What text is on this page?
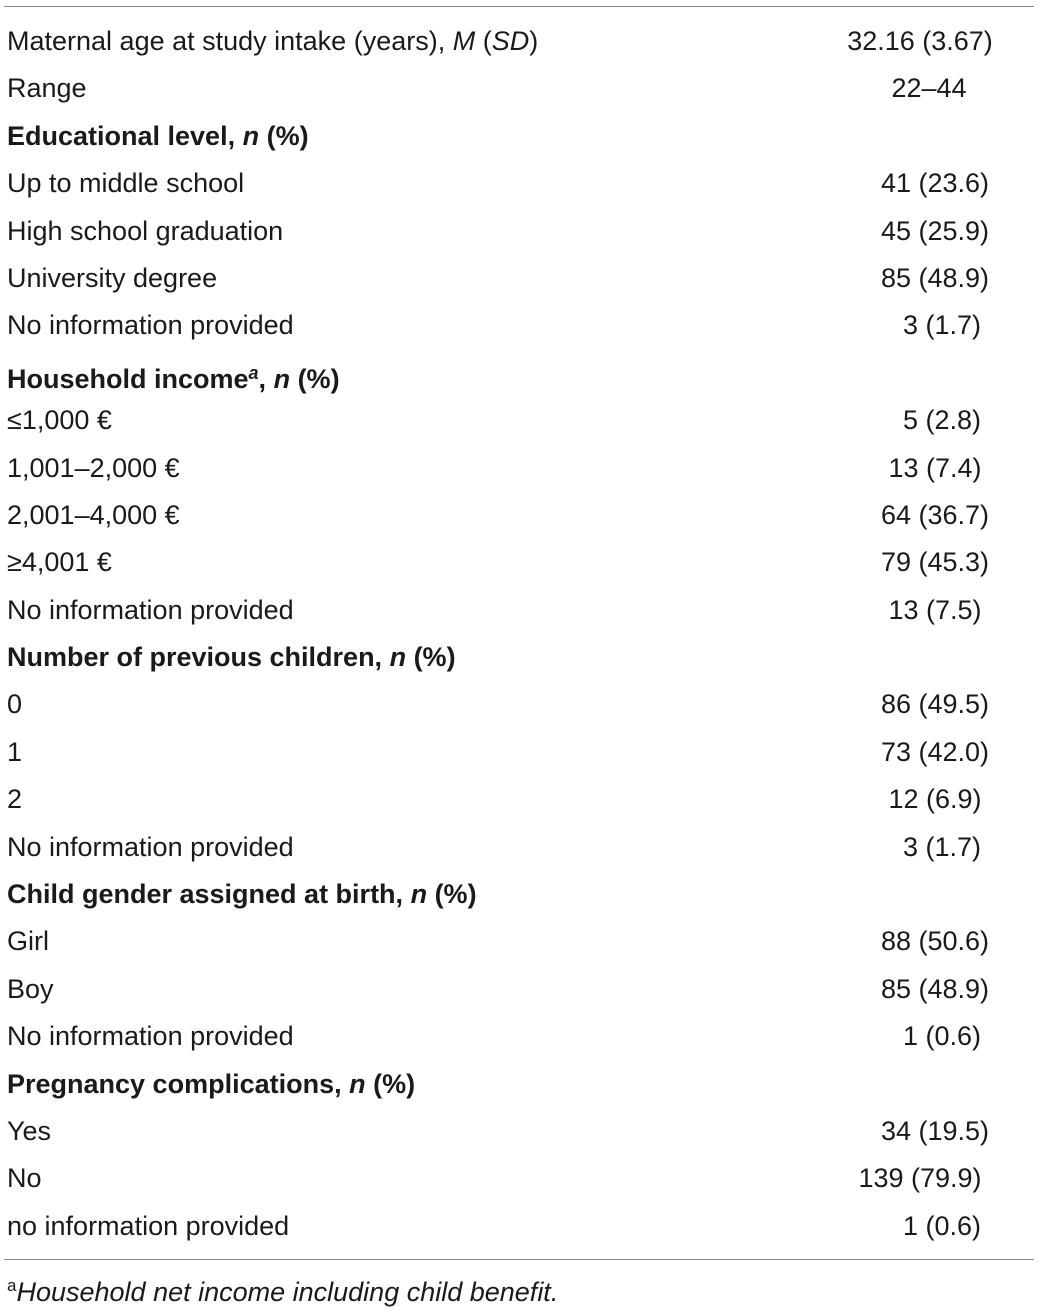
Maternal age at study intake (years), M (SD)	32.16 (3.67)
Range	22–44
Educational level, n (%)
Up to middle school	41 (23.6)
High school graduation	45 (25.9)
University degree	85 (48.9)
No information provided	3 (1.7)
Household income$^a$, n (%)
≤1,000 €	5 (2.8)
1,001–2,000 €	13 (7.4)
2,001–4,000 €	64 (36.7)
≥4,001 €	79 (45.3)
No information provided	13 (7.5)
Number of previous children, n (%)
0	86 (49.5)
1	73 (42.0)
2	12 (6.9)
No information provided	3 (1.7)
Child gender assigned at birth, n (%)
Girl	88 (50.6)
Boy	85 (48.9)
No information provided	1 (0.6)
Pregnancy complications, n (%)
Yes	34 (19.5)
No	139 (79.9)
no information provided	1 (0.6)
$^a$Household net income including child benefit.
